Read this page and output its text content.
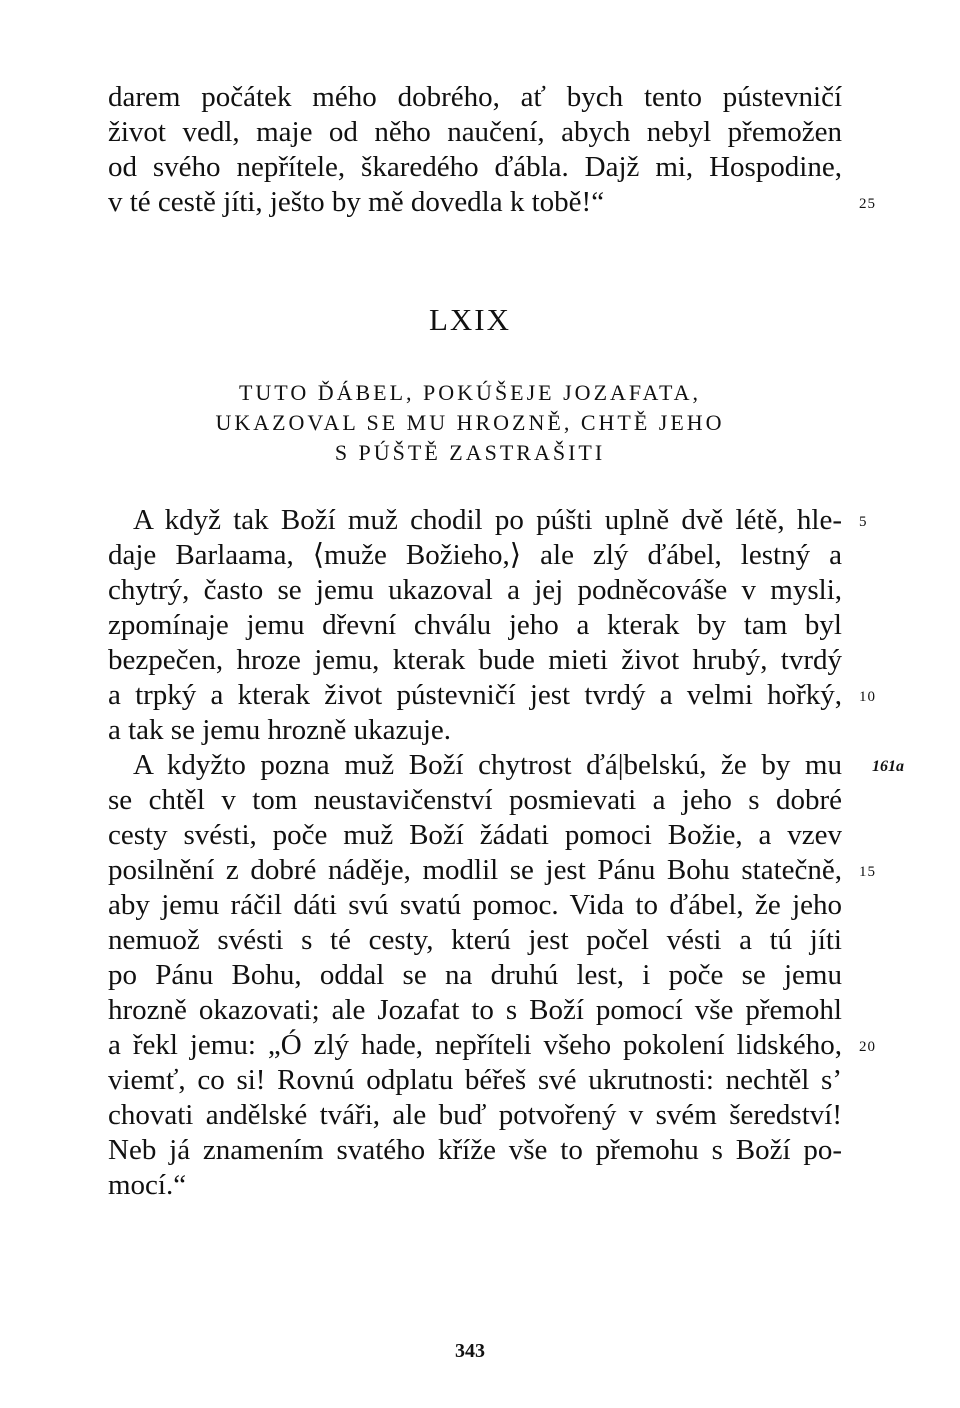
darem počátek mého dobrého, ať bych tento pústevničí
život vedl, maje od něho naučení, abych nebyl přemožen
od svého nepřítele, škaredého ďábla. Dajž mi, Hospodine,
v té cestě jíti, ješto by mě dovedla k tobě!“	25
LXIX
TUTO ĎÁBEL, POKÚŠEJE JOZAFATA,
UKAZOVAL SE MU HROZNĚ, CHTĚ JEHO
S PÚŠTĚ ZASTRAŠITI
A když tak Boží muž chodil po púšti uplně dvě létě, hle- 5
daje Barlaama, ⟨muže Božieho,⟩ ale zlý ďábel, lestný a
chytrý, často se jemu ukazoval a jej podněcováše v mysli,
zpomínaje jemu dřevní chválu jeho a kterak by tam byl
bezpečen, hroze jemu, kterak bude mieti život hrubý, tvrdý
a trpký a kterak život pústevničí jest tvrdý a velmi hořký, 10
a tak se jemu hrozně ukazuje.
A kdyžto pozna muž Boží chytrost ďá|belskú, že by mu 161a
se chtěl v tom neustavičenství posmievati a jeho s dobré
cesty svésti, poče muž Boží žádati pomoci Božie, a vzev
posilnění z dobré náděje, modlil se jest Pánu Bohu statečně, 15
aby jemu ráčil dáti svú svatú pomoc. Vida to ďábel, že jeho
nemuož svésti s té cesty, kterú jest počel vésti a tú jíti
po Pánu Bohu, oddal se na druhú lest, i poče se jemu
hrozně okazovati; ale Jozafat to s Boží pomocí vše přemohl
a řekl jemu: „Ó zlý hade, nepříteli všeho pokolení lidského, 20
viemť, co si! Rovnú odplatu béřeš své ukrutnosti: nechtěl s’
chovati andělské tváři, ale buď potvořený v svém šeredství!
Neb já znamením svatého kříže vše to přemohu s Boží po-
mocí.“
343
